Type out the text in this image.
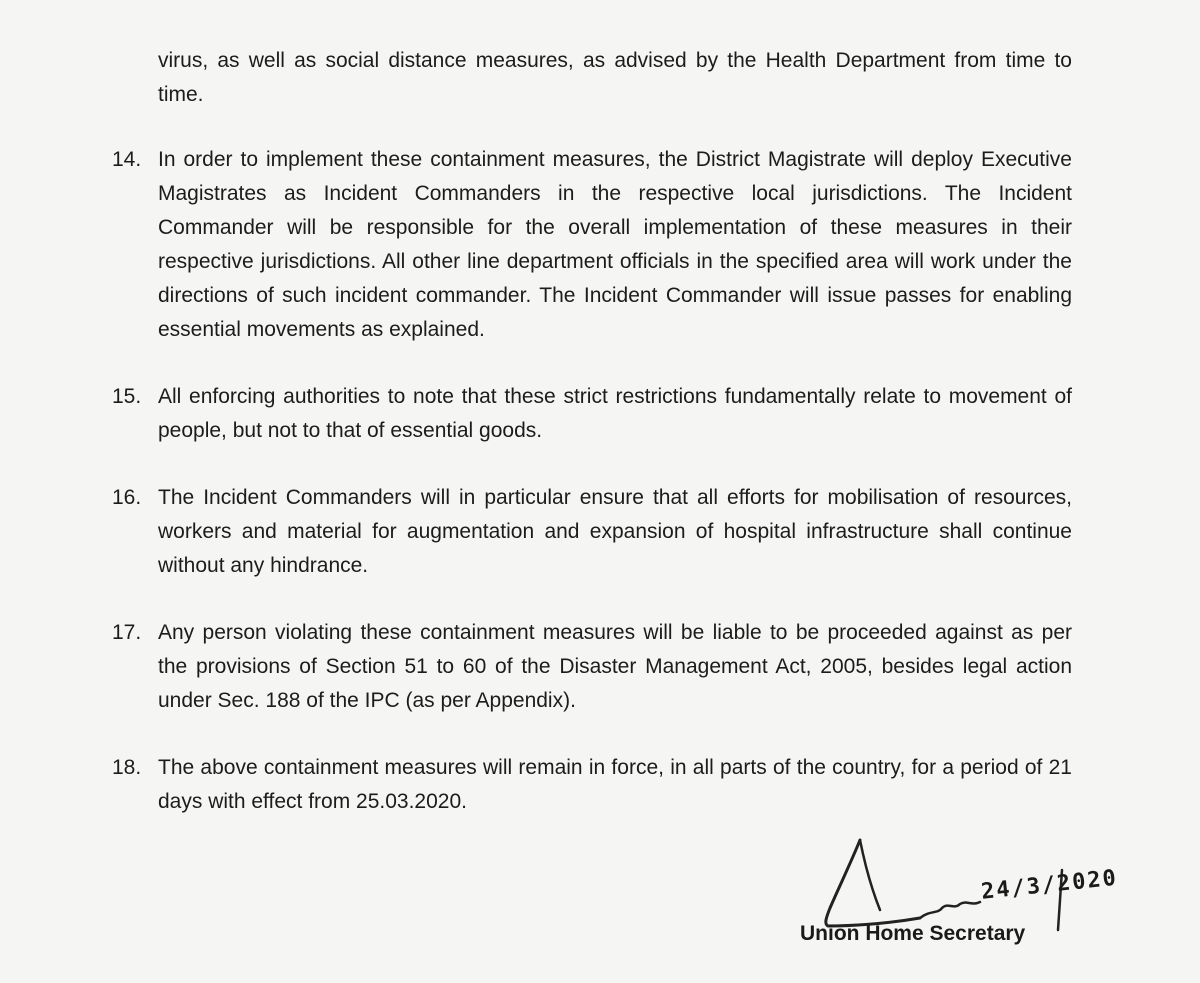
virus, as well as social distance measures, as advised by the Health Department from time to time.

14. In order to implement these containment measures, the District Magistrate will deploy Executive Magistrates as Incident Commanders in the respective local jurisdictions. The Incident Commander will be responsible for the overall implementation of these measures in their respective jurisdictions. All other line department officials in the specified area will work under the directions of such incident commander. The Incident Commander will issue passes for enabling essential movements as explained.

15. All enforcing authorities to note that these strict restrictions fundamentally relate to movement of people, but not to that of essential goods.

16. The Incident Commanders will in particular ensure that all efforts for mobilisation of resources, workers and material for augmentation and expansion of hospital infrastructure shall continue without any hindrance.

17. Any person violating these containment measures will be liable to be proceeded against as per the provisions of Section 51 to 60 of the Disaster Management Act, 2005, besides legal action under Sec. 188 of the IPC (as per Appendix).

18. The above containment measures will remain in force, in all parts of the country, for a period of 21 days with effect from 25.03.2020.

24/3/2020
Union Home Secretary
